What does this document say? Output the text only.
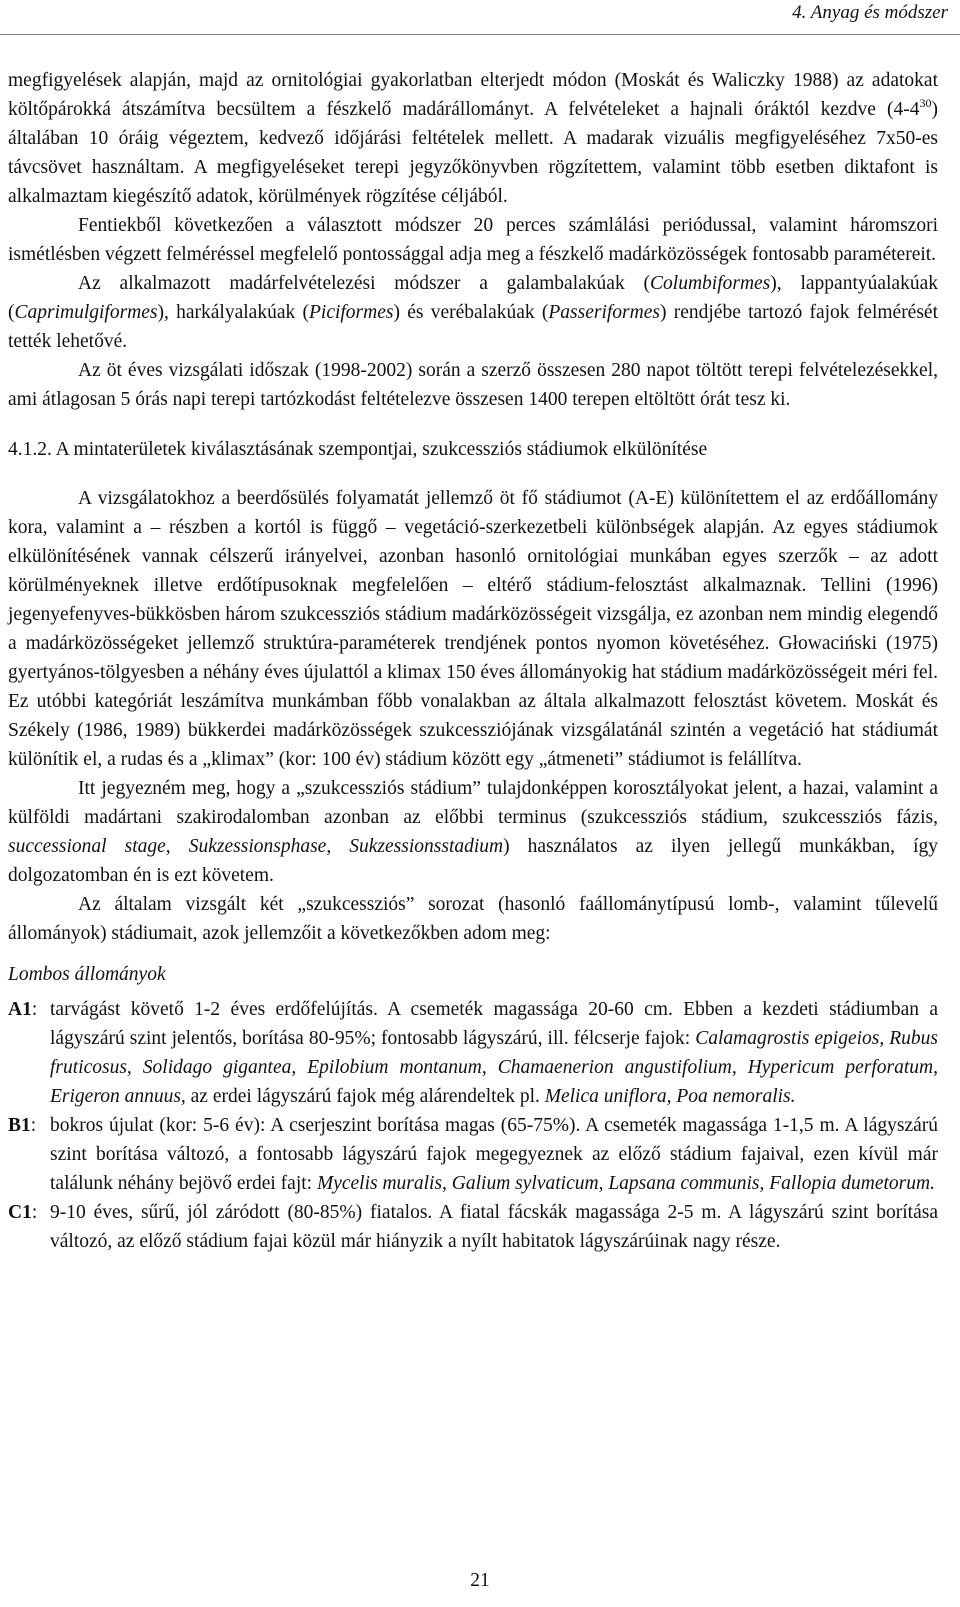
4. Anyag és módszer

megfigyelések alapján, majd az ornitológiai gyakorlatban elterjedt módon (Moskát és Waliczky 1988) az adatokat költőpárokká átszámítva becsültem a fészkelő madárállományt. A felvételeket a hajnali óráktól kezdve $(4-4^{30})$ általában 10 óráig végeztem, kedvező időjárási feltételek mellett. A madarak vizuális megfigyeléséhez 7x50-es távcsövet használtam. A megfigyeléseket terepi jegyzőkönyvben rögzítettem, valamint több esetben diktafont is alkalmaztam kiegészítő adatok, körülmények rögzítése céljából.

Fentiekből következően a választott módszer 20 perces számlálási periódussal, valamint háromszori ismétlésben végzett felméréssel megfelelő pontossággal adja meg a fészkelő madárközösségek fontosabb paramétereit.

Az alkalmazott madárfelvételezési módszer a galambalakúak (Columbiformes), lappantyúalakúak (Caprimulgiformes), harkályalakúak (Piciformes) és verébalakúak (Passeriformes) rendjébe tartozó fajok felmérését tették lehetővé.

Az öt éves vizsgálati időszak (1998-2002) során a szerző összesen 280 napot töltött terepi felvételezésekkel, ami átlagosan 5 órás napi terepi tartózkodást feltételezve összesen 1400 terepen eltöltött órát tesz ki.

4.1.2. A mintaterületek kiválasztásának szempontjai, szukcessziós stádiumok elkülönítése

A vizsgálatokhoz a beerdősülés folyamatát jellemző öt fő stádiumot (A-E) különítettem el az erdőállomány kora, valamint a – részben a kortól is függő – vegetáció-szerkezetbeli különbségek alapján. Az egyes stádiumok elkülönítésének vannak célszerű irányelvei, azonban hasonló ornitológiai munkában egyes szerzők – az adott körülményeknek illetve erdőtípusoknak megfelelően – eltérő stádium-felosztást alkalmaznak. Tellini (1996) jegenyefenyves-bükkösben három szukcessziós stádium madárközösségeit vizsgálja, ez azonban nem mindig elegendő a madárközösségeket jellemző struktúra-paraméterek trendjének pontos nyomon követéséhez. Głowaciński (1975) gyertyános-tölgyesben a néhány éves újulattól a klimax 150 éves állományokig hat stádium madárközösségeit méri fel. Ez utóbbi kategóriát leszámítva munkámban főbb vonalakban az általa alkalmazott felosztást követem. Moskát és Székely (1986, 1989) bükkerdei madárközösségek szukcessziójának vizsgálatánál szintén a vegetáció hat stádiumát különítik el, a rudas és a „klimax” (kor: 100 év) stádium között egy „átmeneti” stádiumot is felállítva.

Itt jegyezném meg, hogy a „szukcessziós stádium” tulajdonképpen korosztályokat jelent, a hazai, valamint a külföldi madártani szakirodalomban azonban az előbbi terminus (szukcessziós stádium, szukcessziós fázis, successional stage, Sukzessionsphase, Sukzessionsstadium) használatos az ilyen jellegű munkákban, így dolgozatomban én is ezt követem.

Az általam vizsgált két „szukcessziós” sorozat (hasonló faállománytípusú lomb-, valamint tűlevelű állományok) stádiumait, azok jellemzőit a következőkben adom meg:

Lombos állományok
A1: tarvágást követő 1-2 éves erdőfelújítás. A csemeték magassága 20-60 cm. Ebben a kezdeti stádiumban a lágyszárú szint jelentős, borítása 80-95%; fontosabb lágyszárú, ill. félcserje fajok: Calamagrostis epigeios, Rubus fruticosus, Solidago gigantea, Epilobium montanum, Chamaenerion angustifolium, Hypericum perforatum, Erigeron annuus, az erdei lágyszárú fajok még alárendeltek pl. Melica uniflora, Poa nemoralis.
B1: bokros újulat (kor: 5-6 év): A cserjeszint borítása magas (65-75%). A csemeték magassága 1-1,5 m. A lágyszárú szint borítása változó, a fontosabb lágyszárú fajok megegyeznek az előző stádium fajaival, ezen kívül már találunk néhány bejövő erdei fajt: Mycelis muralis, Galium sylvaticum, Lapsana communis, Fallopia dumetorum.
C1: 9-10 éves, sűrű, jól záródott (80-85%) fiatalos. A fiatal fácskák magassága 2-5 m. A lágyszárú szint borítása változó, az előző stádium fajai közül már hiányzik a nyílt habitatok lágyszárúinak nagy része.
21
